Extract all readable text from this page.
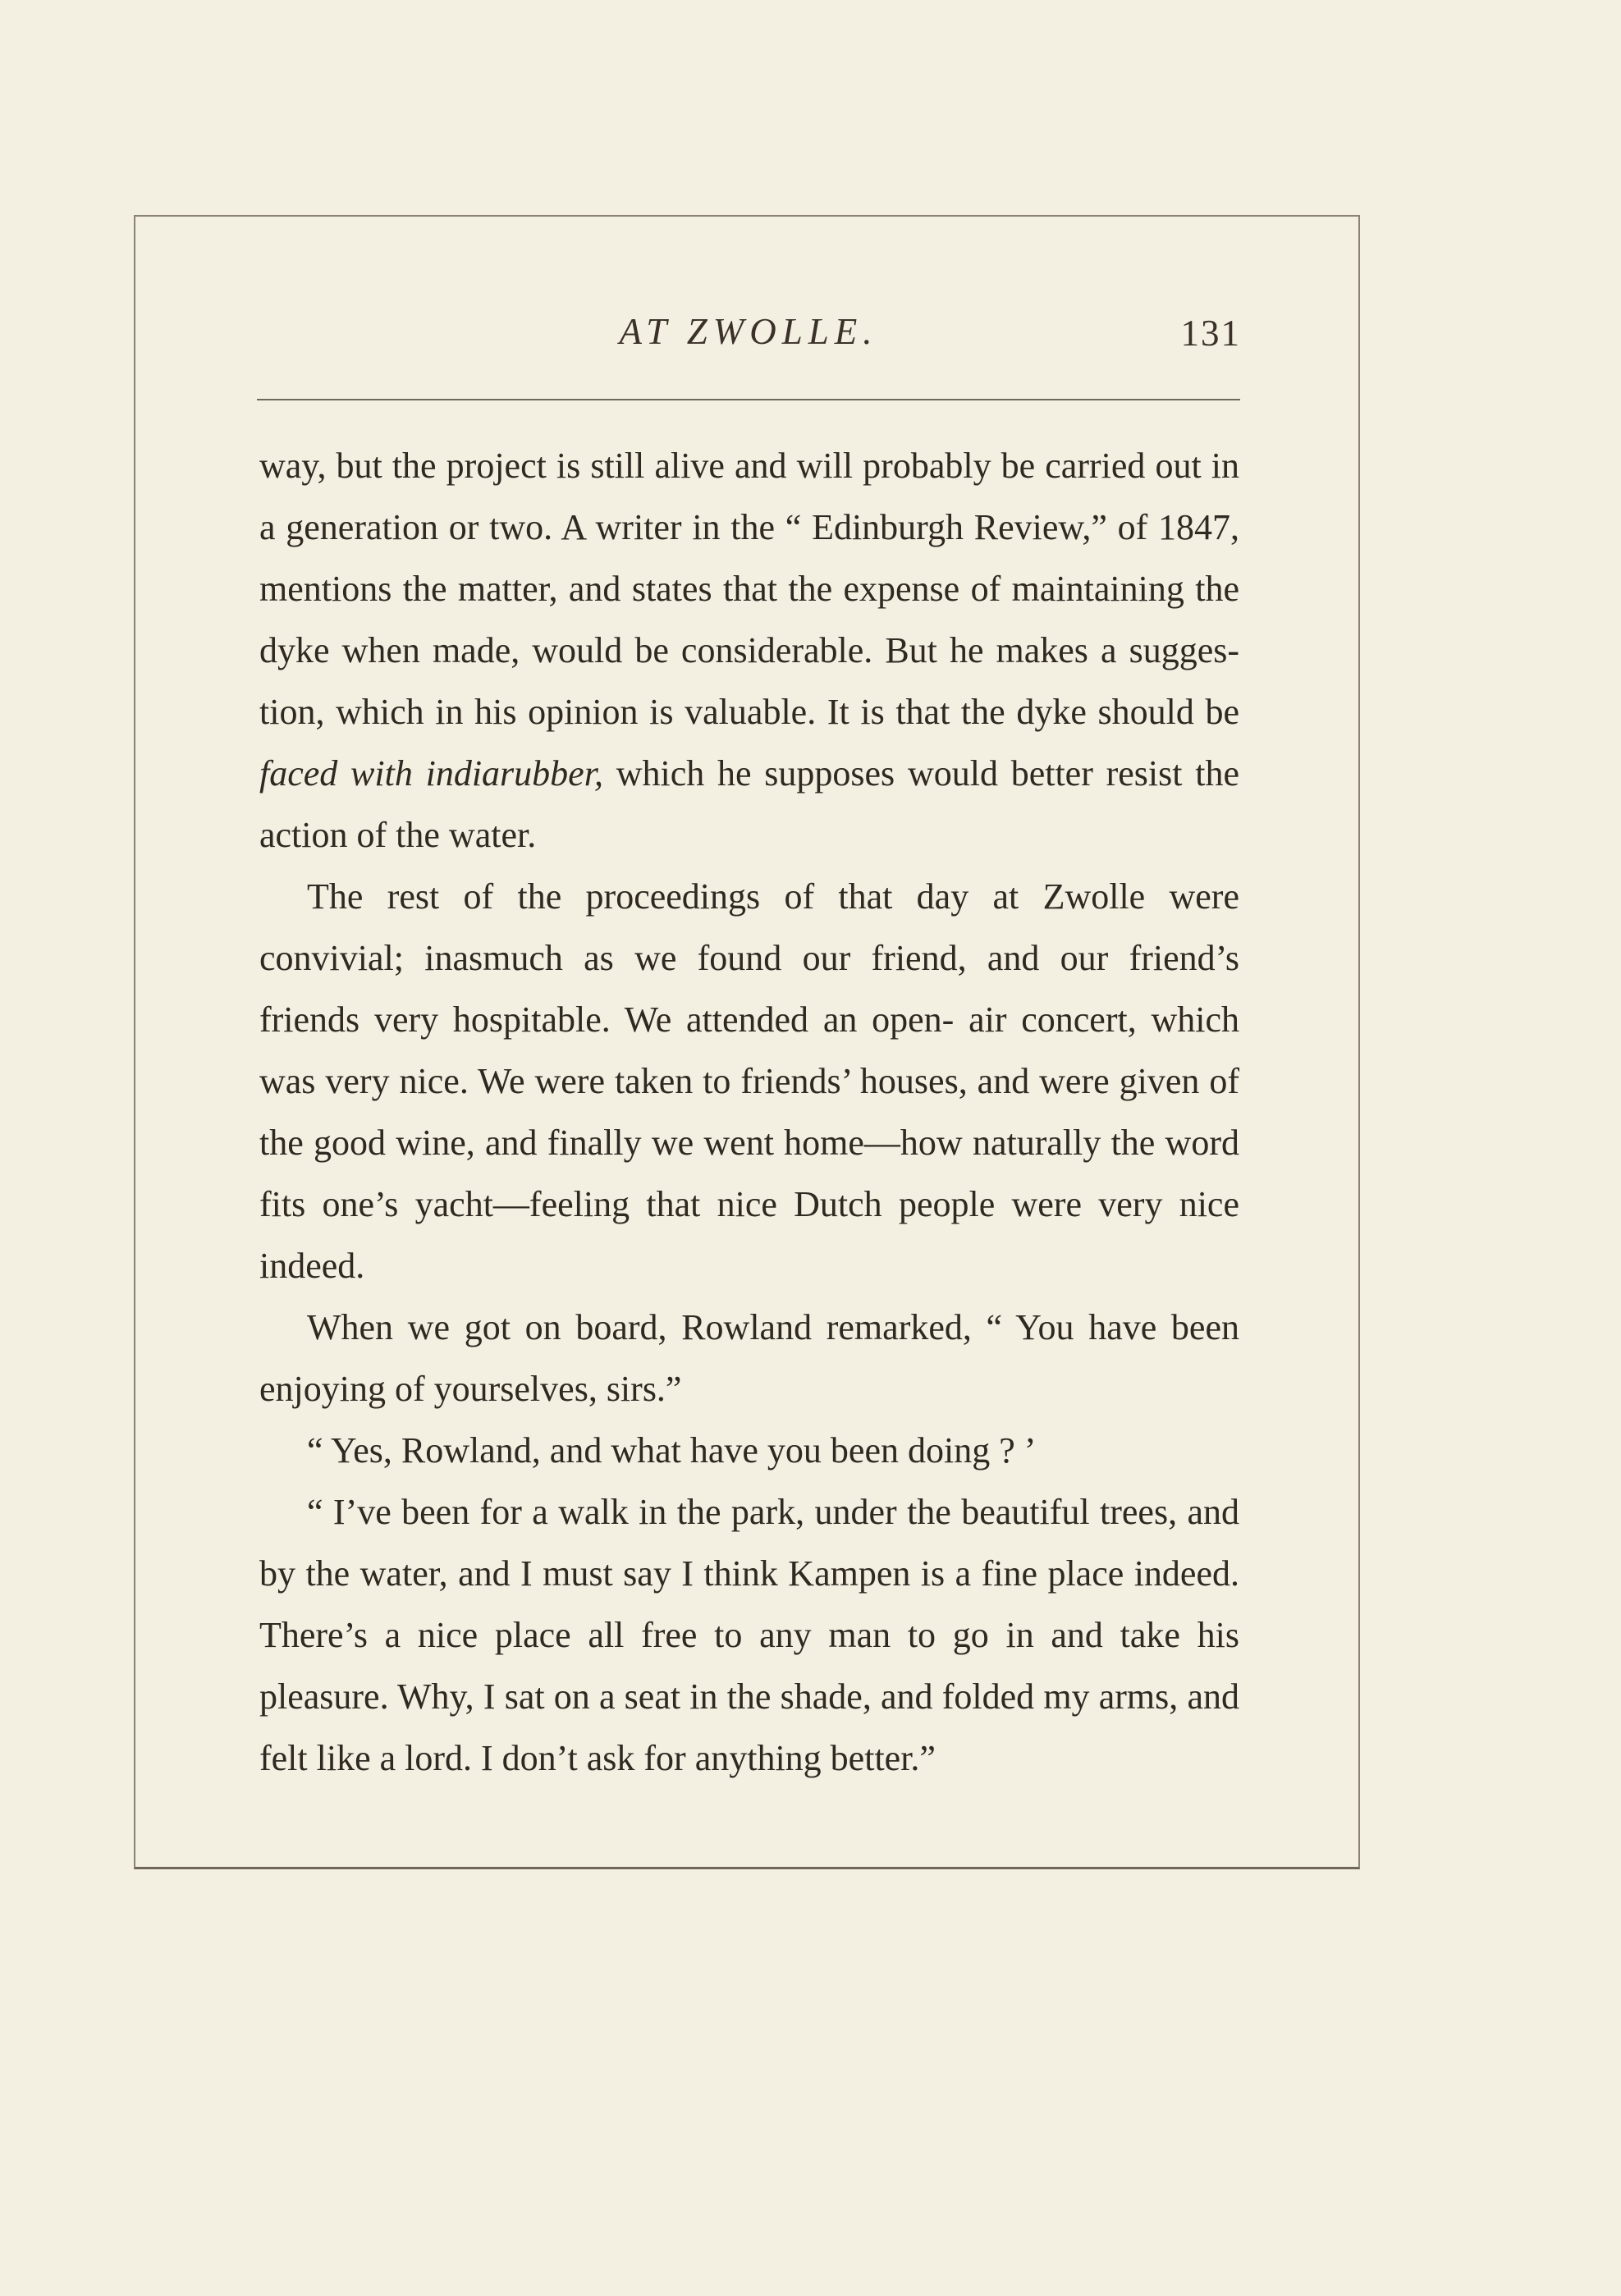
AT ZWOLLE.	131

way, but the project is still alive and will probably be carried out in a generation or two. A writer in the “ Edinburgh Review,” of 1847, mentions the matter, and states that the expense of maintaining the dyke when made, would be considerable. But he makes a sugges- tion, which in his opinion is valuable. It is that the dyke should be faced with indiarubber, which he supposes would better resist the action of the water.

The rest of the proceedings of that day at Zwolle were convivial; inasmuch as we found our friend, and our friend’s friends very hospitable. We attended an open- air concert, which was very nice. We were taken to friends’ houses, and were given of the good wine, and finally we went home—how naturally the word fits one’s yacht—feeling that nice Dutch people were very nice indeed.

When we got on board, Rowland remarked, “ You have been enjoying of yourselves, sirs.”

“ Yes, Rowland, and what have you been doing ? ’

“ I’ve been for a walk in the park, under the beautiful trees, and by the water, and I must say I think Kampen is a fine place indeed. There’s a nice place all free to any man to go in and take his pleasure. Why, I sat on a seat in the shade, and folded my arms, and felt like a lord. I don’t ask for anything better.”
